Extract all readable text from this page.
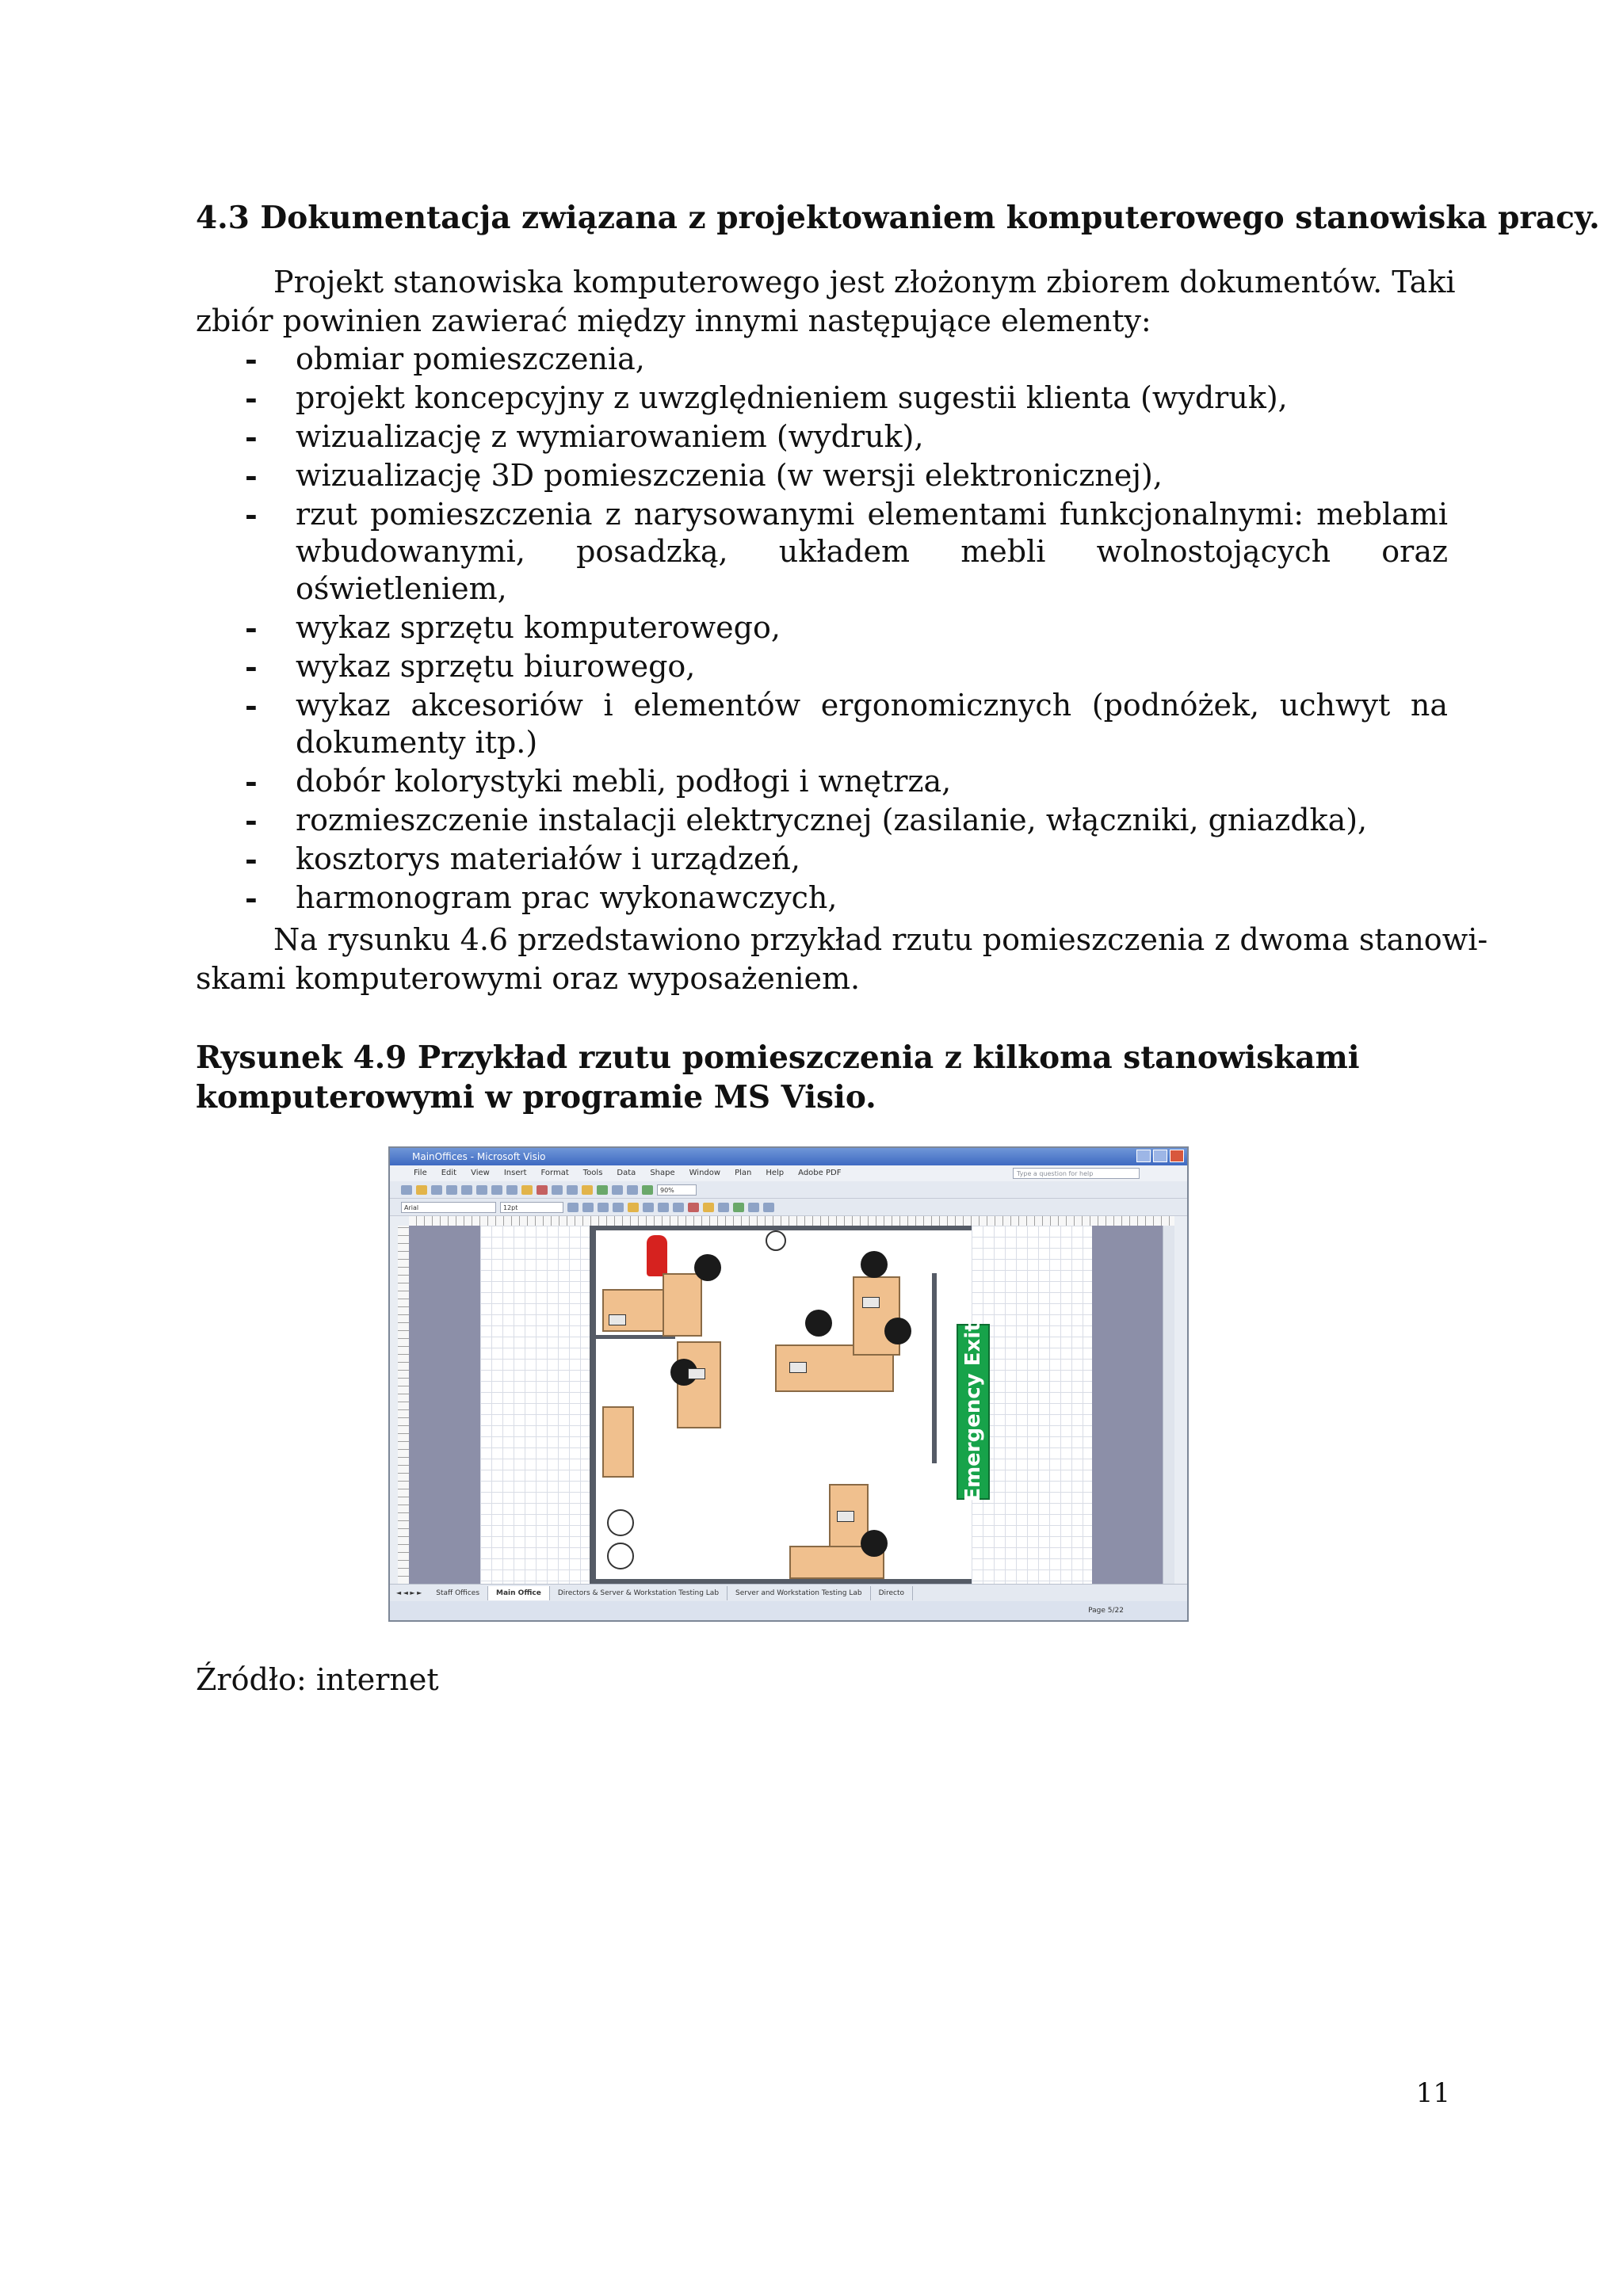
4.3 Dokumentacja związana z projektowaniem komputerowego stanowiska pracy.
Projekt stanowiska komputerowego jest złożonym zbiorem dokumentów. Taki
zbiór powinien zawierać między innymi następujące elementy:
- obmiar pomieszczenia,
- projekt koncepcyjny z uwzględnieniem sugestii klienta (wydruk),
- wizualizację z wymiarowaniem (wydruk),
- wizualizację 3D pomieszczenia (w wersji elektronicznej),
- rzut pomieszczenia z narysowanymi elementami funkcjonalnymi: meblami wbudowanymi, posadzką, układem mebli wolnostojących oraz oświetleniem,
- wykaz sprzętu komputerowego,
- wykaz sprzętu biurowego,
- wykaz akcesoriów i elementów ergonomicznych (podnóżek, uchwyt na dokumenty itp.)
- dobór kolorystyki mebli, podłogi i wnętrza,
- rozmieszczenie instalacji elektrycznej (zasilanie, włączniki, gniazdka),
- kosztorys materiałów i urządzeń,
- harmonogram prac wykonawczych,
Na rysunku 4.6 przedstawiono przykład rzutu pomieszczenia z dwoma stanowi-
skami komputerowymi oraz wyposażeniem.
Rysunek 4.9 Przykład rzutu pomieszczenia z kilkoma stanowiskami komputerowymi w programie MS Visio.
MainOffices - Microsoft Visio
File Edit View Insert Format Tools Data Shape Window Plan Help Adobe PDF	Type a question for help
90%
Arial	12pt
Emergency Exit
◄ ◄ ► ►	Staff Offices	Main Office	Directors & Server & Workstation Testing Lab	Server and Workstation Testing Lab	Directo
Page 5/22
Źródło: internet
11
